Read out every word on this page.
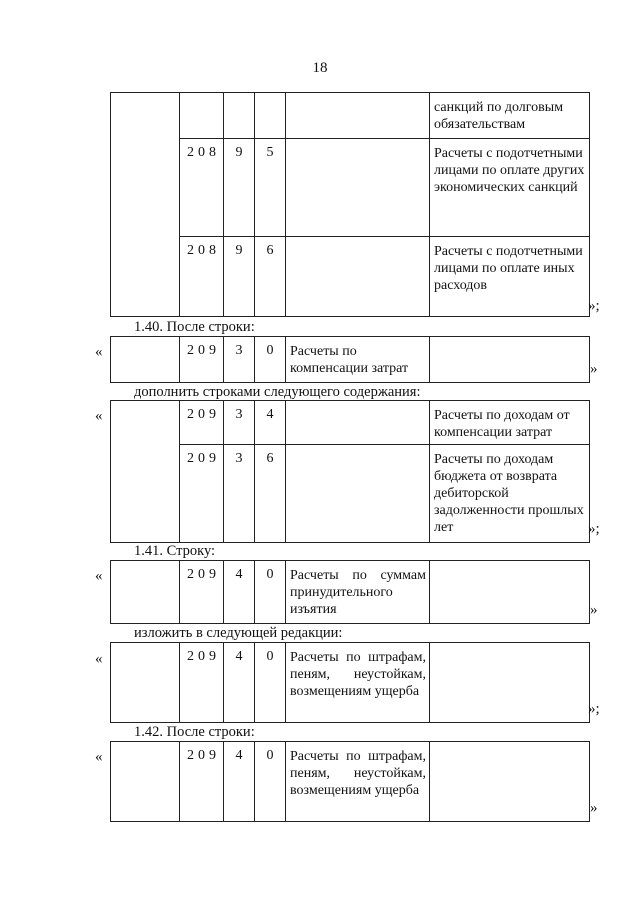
18

					санкций по долговым обязательствам

	208	9	5		Расчеты с подотчетными лицами по оплате других экономических санкций

	208	9	6		Расчеты с подотчетными лицами по оплате иных расходов
»;
1.40. После строки:
«
		209	3	0	Расчеты по компенсации затрат
		»
дополнить строками следующего содержания:
«
		209	3	4		Расчеты по доходам от компенсации затрат

	209	3	6		Расчеты по доходам бюджета от возврата дебиторской задолженности прошлых лет	»;
1.41. Строку:
«
		209	4	0	Расчеты по суммам принудительного изъятия
		»
изложить в следующей редакции:
«
		209	4	0	Расчеты по штрафам, пеням, неустойкам, возмещениям ущерба

»;
1.42. После строки:
«
		209	4	0	Расчеты по штрафам, пеням, неустойкам, возмещениям ущерба

»
